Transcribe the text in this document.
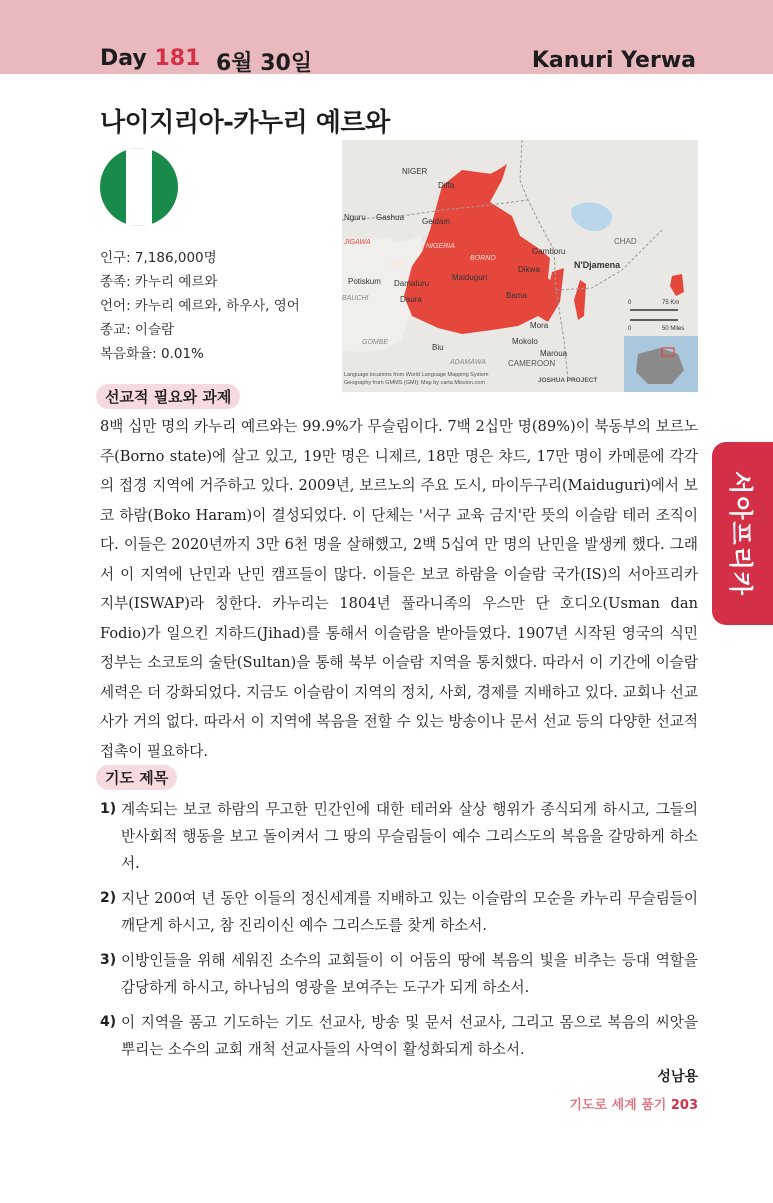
Day 181 6월 30일	Kanuri Yerwa
나이지리아-카누리 예르와
인구: 7,186,000명
종족: 카누리 예르와
언어: 카누리 예르와, 하우사, 영어
종교: 이슬람
복음화율: 0.01%
NIGER
Diffa
Nguru Gashua Geidam
JIGAWA
YOBE
NIGERIA
BORNO
Potiskum Damaturu
Daura
Maiduguri
BAUCHI
Gamboru
Dikwa	N'Djamena
CHAD
Bama
Mora
Mokolo
Maroua
GOMBE
Biu
ADAMAWA	CAMEROON
75 Km
50 Miles
0
0
Language locations from World Language Mapping System
Geography from GMMS (GMI); Map by carta Mission.com	JOSHUA PROJECT
선교적 필요와 과제
8백 십만 명의 카누리 예르와는 99.9%가 무슬림이다. 7백 2십만 명(89%)이 북동부의 보르노 주(Borno state)에 살고 있고, 19만 명은 니제르, 18만 명은 챠드, 17만 명이 카메룬에 각각의 접경 지역에 거주하고 있다. 2009년, 보르노의 주요 도시, 마이두구리(Maiduguri)에서 보코 하람(Boko Haram)이 결성되었다. 이 단체는 '서구 교육 금지'란 뜻의 이슬람 테러 조직이다. 이들은 2020년까지 3만 6천 명을 살해했고, 2백 5십여 만 명의 난민을 발생케 했다. 그래서 이 지역에 난민과 난민 캠프들이 많다. 이들은 보코 하람을 이슬람 국가(IS)의 서아프리카 지부(ISWAP)라 칭한다. 카누리는 1804년 풀라니족의 우스만 단 호디오(Usman dan Fodio)가 일으킨 지하드(Jihad)를 통해서 이슬람을 받아들였다. 1907년 시작된 영국의 식민 정부는 소코토의 술탄(Sultan)을 통해 북부 이슬람 지역을 통치했다. 따라서 이 기간에 이슬람 세력은 더 강화되었다. 지금도 이슬람이 지역의 정치, 사회, 경제를 지배하고 있다. 교회나 선교사가 거의 없다. 따라서 이 지역에 복음을 전할 수 있는 방송이나 문서 선교 등의 다양한 선교적 접촉이 필요하다.
기도 제목
1) 계속되는 보코 하람의 무고한 민간인에 대한 테러와 살상 행위가 종식되게 하시고, 그들의 반사회적 행동을 보고 돌이켜서 그 땅의 무슬림들이 예수 그리스도의 복음을 갈망하게 하소서.
2) 지난 200여 년 동안 이들의 정신세계를 지배하고 있는 이슬람의 모순을 카누리 무슬림들이 깨닫게 하시고, 참 진리이신 예수 그리스도를 찾게 하소서.
3) 이방인들을 위해 세워진 소수의 교회들이 이 어둠의 땅에 복음의 빛을 비추는 등대 역할을 감당하게 하시고, 하나님의 영광을 보여주는 도구가 되게 하소서.
4) 이 지역을 품고 기도하는 기도 선교사, 방송 및 문서 선교사, 그리고 몸으로 복음의 씨앗을 뿌리는 소수의 교회 개척 선교사들의 사역이 활성화되게 하소서.
성남용
기도로 세계 품기 203
서아프리카
